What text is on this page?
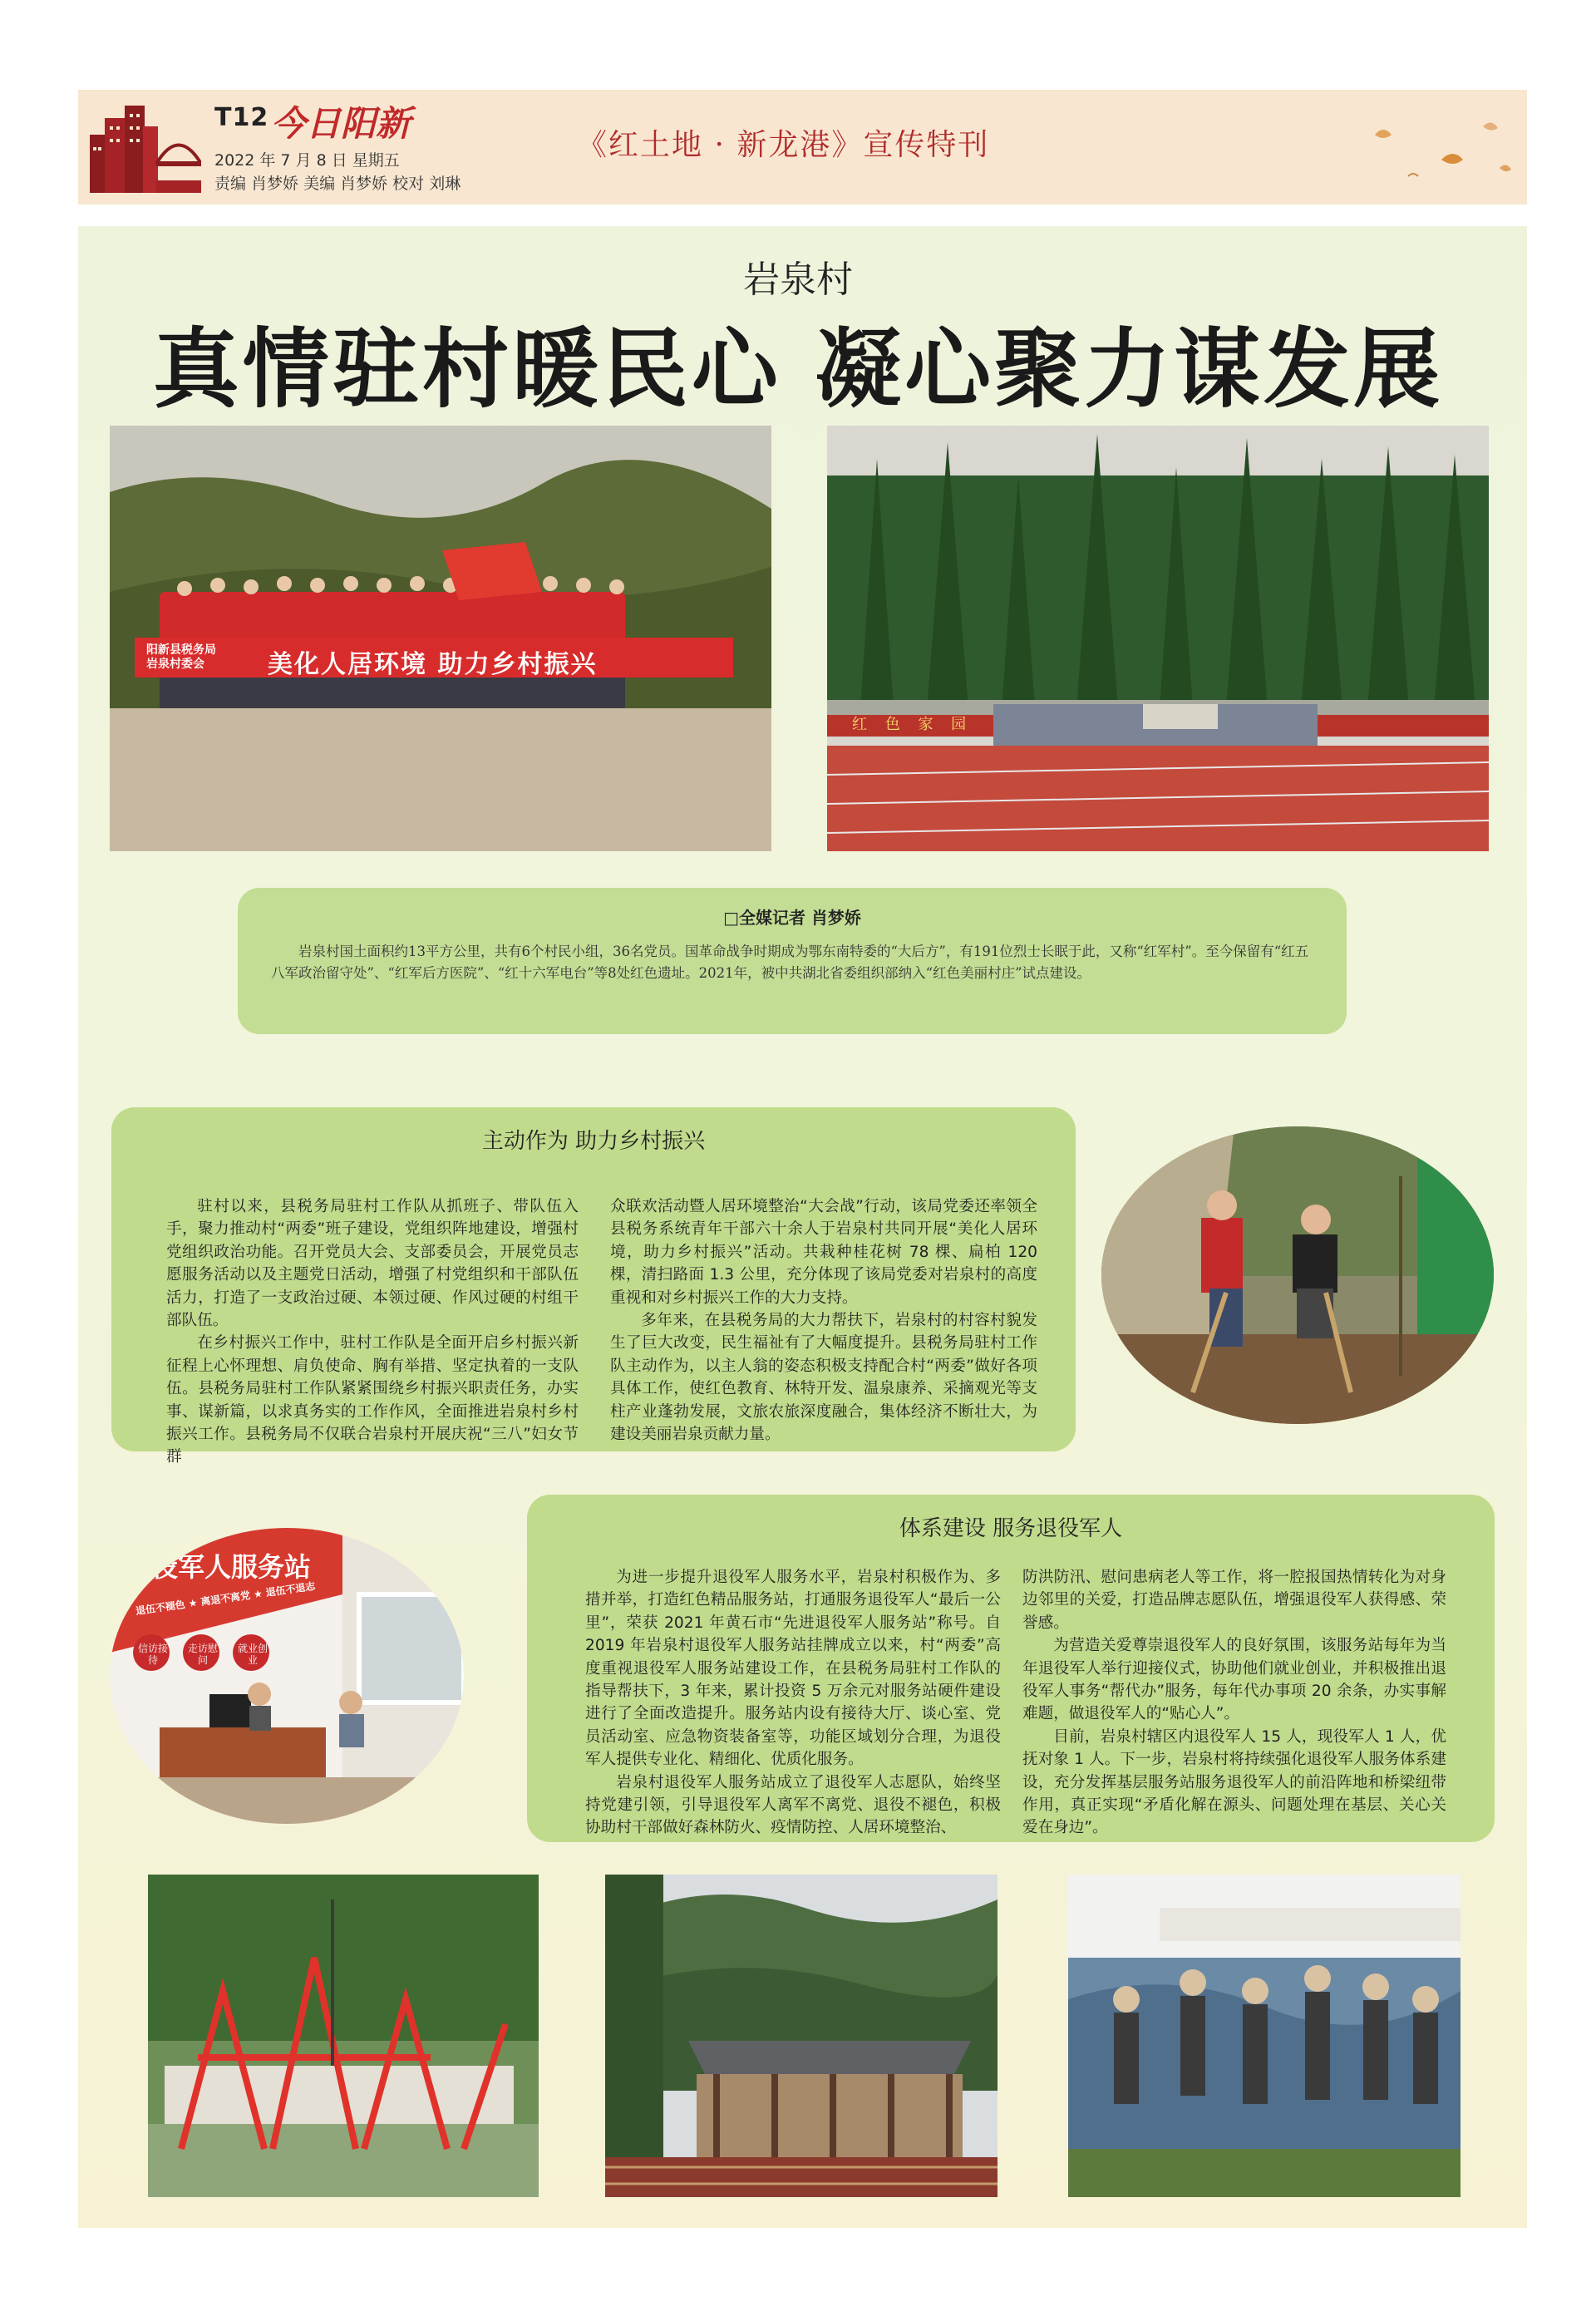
T12 今日阳新
2022 年 7 月 8 日 星期五
责编 肖梦娇 美编 肖梦娇 校对 刘琳
《红土地 · 新龙港》宣传特刊
岩泉村
真情驻村暖民心 凝心聚力谋发展
阳新县税务局
岩泉村委会	美化人居环境 助力乡村振兴
红 色 家 园
□全媒记者 肖梦娇
岩泉村国土面积约13平方公里，共有6个村民小组，36名党员。国革命战争时期成为鄂东南特委的“大后方”，有191位烈士长眠于此，又称“红军村”。至今保留有“红五八军政治留守处”、“红军后方医院”、“红十六军电台”等8处红色遗址。2021年，被中共湖北省委组织部纳入“红色美丽村庄”试点建设。
主动作为 助力乡村振兴

驻村以来，县税务局驻村工作队从抓班子、带队伍入手，聚力推动村“两委”班子建设，党组织阵地建设，增强村党组织政治功能。召开党员大会、支部委员会，开展党员志愿服务活动以及主题党日活动，增强了村党组织和干部队伍活力，打造了一支政治过硬、本领过硬、作风过硬的村组干部队伍。

在乡村振兴工作中，驻村工作队是全面开启乡村振兴新征程上心怀理想、肩负使命、胸有举措、坚定执着的一支队伍。县税务局驻村工作队紧紧围绕乡村振兴职责任务，办实事、谋新篇，以求真务实的工作作风，全面推进岩泉村乡村振兴工作。县税务局不仅联合岩泉村开展庆祝“三八”妇女节群

众联欢活动暨人居环境整治“大会战”行动，该局党委还率领全县税务系统青年干部六十余人于岩泉村共同开展“美化人居环境，助力乡村振兴”活动。共栽种桂花树 78 棵、扁柏 120 棵，清扫路面 1.3 公里，充分体现了该局党委对岩泉村的高度重视和对乡村振兴工作的大力支持。

多年来，在县税务局的大力帮扶下，岩泉村的村容村貌发生了巨大改变，民生福祉有了大幅度提升。县税务局驻村工作队主动作为，以主人翁的姿态积极支持配合村“两委”做好各项具体工作，使红色教育、林特开发、温泉康养、采摘观光等支柱产业蓬勃发展，文旅农旅深度融合，集体经济不断壮大，为建设美丽岩泉贡献力量。

役军人服务站
退伍不褪色 ★ 离退不离党 ★ 退伍不退志
信访接待
走访慰问
就业创业
体系建设 服务退役军人

为进一步提升退役军人服务水平，岩泉村积极作为、多措并举，打造红色精品服务站，打通服务退役军人“最后一公里”，荣获 2021 年黄石市“先进退役军人服务站”称号。自 2019 年岩泉村退役军人服务站挂牌成立以来，村“两委”高度重视退役军人服务站建设工作，在县税务局驻村工作队的指导帮扶下，3 年来，累计投资 5 万余元对服务站硬件建设进行了全面改造提升。服务站内设有接待大厅、谈心室、党员活动室、应急物资装备室等，功能区域划分合理，为退役军人提供专业化、精细化、优质化服务。

岩泉村退役军人服务站成立了退役军人志愿队，始终坚持党建引领，引导退役军人离军不离党、退役不褪色，积极协助村干部做好森林防火、疫情防控、人居环境整治、

防洪防汛、慰问患病老人等工作，将一腔报国热情转化为对身边邻里的关爱，打造品牌志愿队伍，增强退役军人获得感、荣誉感。

为营造关爱尊崇退役军人的良好氛围，该服务站每年为当年退役军人举行迎接仪式，协助他们就业创业，并积极推出退役军人事务“帮代办”服务，每年代办事项 20 余条，办实事解难题，做退役军人的“贴心人”。

目前，岩泉村辖区内退役军人 15 人，现役军人 1 人，优抚对象 1 人。下一步，岩泉村将持续强化退役军人服务体系建设，充分发挥基层服务站服务退役军人的前沿阵地和桥梁纽带作用，真正实现“矛盾化解在源头、问题处理在基层、关心关爱在身边”。
